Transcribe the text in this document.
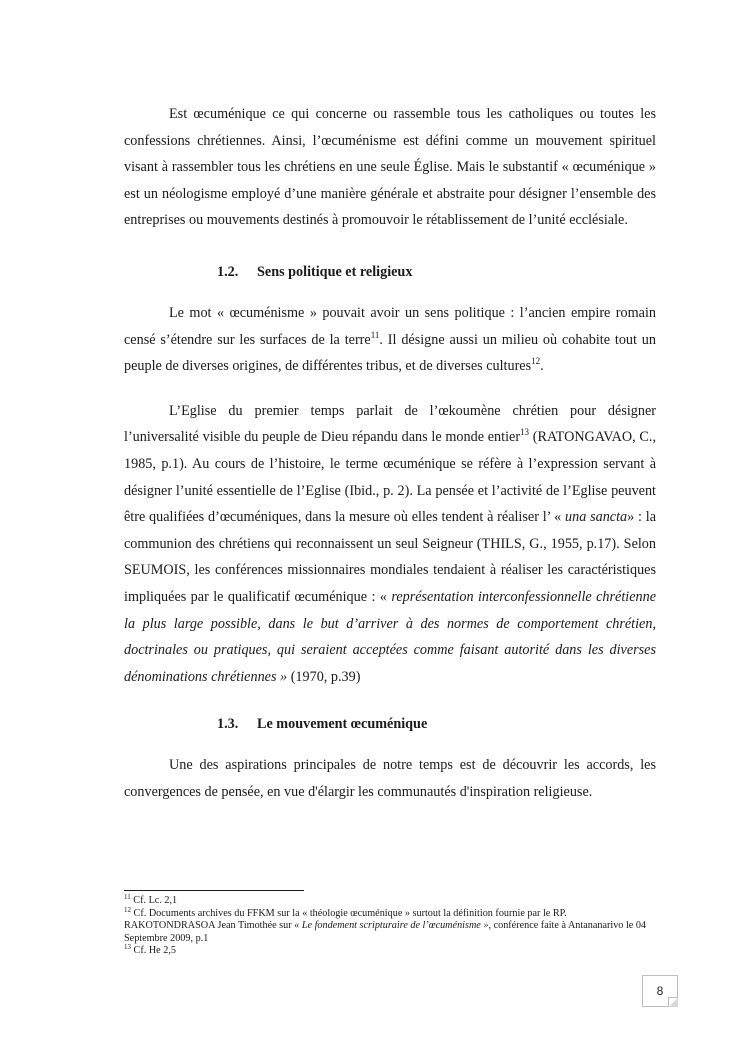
Est œcuménique ce qui concerne ou rassemble tous les catholiques ou toutes les confessions chrétiennes. Ainsi, l’œcuménisme est défini comme un mouvement spirituel visant à rassembler tous les chrétiens en une seule Église. Mais le substantif « œcuménique » est un néologisme employé d’une manière générale et abstraite pour désigner l’ensemble des entreprises ou mouvements destinés à promouvoir le rétablissement de l’unité ecclésiale.

1.2. Sens politique et religieux

Le mot « œcuménisme » pouvait avoir un sens politique : l’ancien empire romain censé s’étendre sur les surfaces de la terre$^{11}$. Il désigne aussi un milieu où cohabite tout un peuple de diverses origines, de différentes tribus, et de diverses cultures$^{12}$.

L’Eglise du premier temps parlait de l’œkoumène chrétien pour désigner l’universalité visible du peuple de Dieu répandu dans le monde entier$^{13}$ (RATONGAVAO, C., 1985, p.1). Au cours de l’histoire, le terme œcuménique se réfère à l’expression servant à désigner l’unité essentielle de l’Eglise (Ibid., p. 2). La pensée et l’activité de l’Eglise peuvent être qualifiées d’œcuméniques, dans la mesure où elles tendent à réaliser l’ « una sancta» : la communion des chrétiens qui reconnaissent un seul Seigneur (THILS, G., 1955, p.17). Selon SEUMOIS, les conférences missionnaires mondiales tendaient à réaliser les caractéristiques impliquées par le qualificatif œcuménique : « représentation interconfessionnelle chrétienne la plus large possible, dans le but d’arriver à des normes de comportement chrétien, doctrinales ou pratiques, qui seraient acceptées comme faisant autorité dans les diverses dénominations chrétiennes » (1970, p.39)

1.3. Le mouvement œcuménique

Une des aspirations principales de notre temps est de découvrir les accords, les convergences de pensée, en vue d'élargir les communautés d'inspiration religieuse.

$^{11}$ Cf. Lc. 2,1

$^{12}$ Cf. Documents archives du FFKM sur la « théologie œcuménique » surtout la définition fournie par le RP. RAKOTONDRASOA Jean Timothée sur « Le fondement scripturaire de l’œcuménisme », conférence faite à Antananarivo le 04 Septembre 2009, p.1

$^{13}$ Cf. He 2,5

8
